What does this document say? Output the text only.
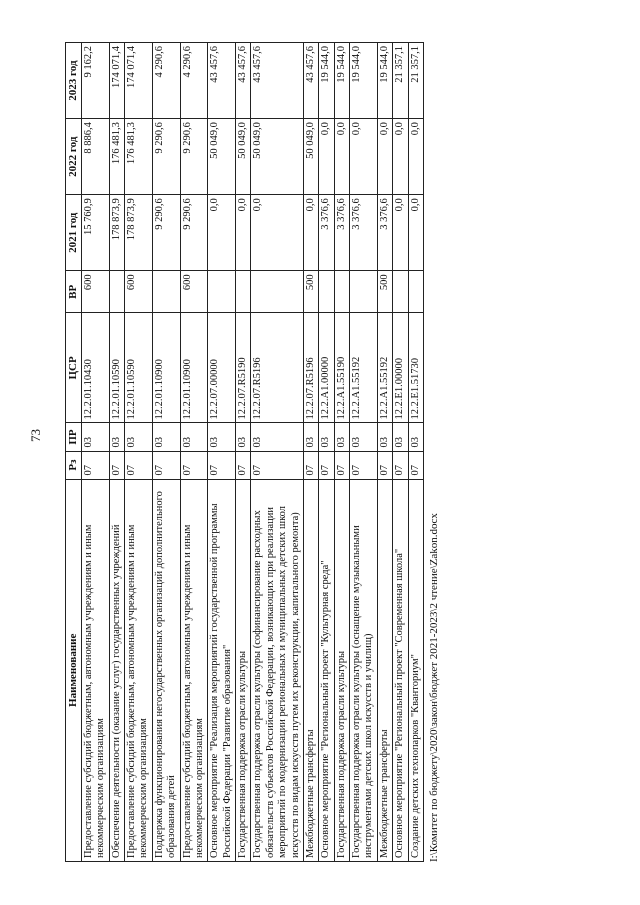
73
Наименование	Рз	ПР	ЦСР	ВР	2021 год	2022 год	2023 год
Предоставление субсидий бюджетным, автономным учреждениям и иным некоммерческим организациям	07	03	12.2.01.10430	600	15 760,9	8 886,4	9 162,2
Обеспечение деятельности (оказание услуг) государственных учреждений	07	03	12.2.01.10590		178 873,9	176 481,3	174 071,4
Предоставление субсидий бюджетным, автономным учреждениям и иным некоммерческим организациям	07	03	12.2.01.10590	600	178 873,9	176 481,3	174 071,4
Поддержка функционирования негосударственных организаций дополнительного образования детей	07	03	12.2.01.10900		9 290,6	9 290,6	4 290,6
Предоставление субсидий бюджетным, автономным учреждениям и иным некоммерческим организациям	07	03	12.2.01.10900	600	9 290,6	9 290,6	4 290,6
Основное мероприятие "Реализация мероприятий государственной программы Российской Федерации "Развитие образования"	07	03	12.2.07.00000		0,0	50 049,0	43 457,6
Государственная поддержка отрасли культуры	07	03	12.2.07.R5190		0,0	50 049,0	43 457,6
Государственная поддержка отрасли культуры (софинансирование расходных обязательств субъектов Российской Федерации, возникающих при реализации мероприятий по модернизации региональных и муниципальных детских школ искусств по видам искусств путем их реконструкции, капитального ремонта)	07	03	12.2.07.R5196		0,0	50 049,0	43 457,6
Межбюджетные трансферты	07	03	12.2.07.R5196	500	0,0	50 049,0	43 457,6
Основное мероприятие "Региональный проект "Культурная среда"	07	03	12.2.A1.00000		3 376,6	0,0	19 544,0
Государственная поддержка отрасли культуры	07	03	12.2.A1.55190		3 376,6	0,0	19 544,0
Государственная поддержка отрасли культуры (оснащение музыкальными инструментами детских школ искусств и училищ)	07	03	12.2.A1.55192		3 376,6	0,0	19 544,0
Межбюджетные трансферты	07	03	12.2.A1.55192	500	3 376,6	0,0	19 544,0
Основное мероприятие "Региональный проект "Современная школа"	07	03	12.2.E1.00000		0,0	0,0	21 357,1
Создание детских технопарков "Кванториум"	07	03	12.2.E1.51730		0,0	0,0	21 357,1
I:\Комитет по бюджету\2020\закон\бюджет 2021-2023\2 чтение\Zakon.docx
